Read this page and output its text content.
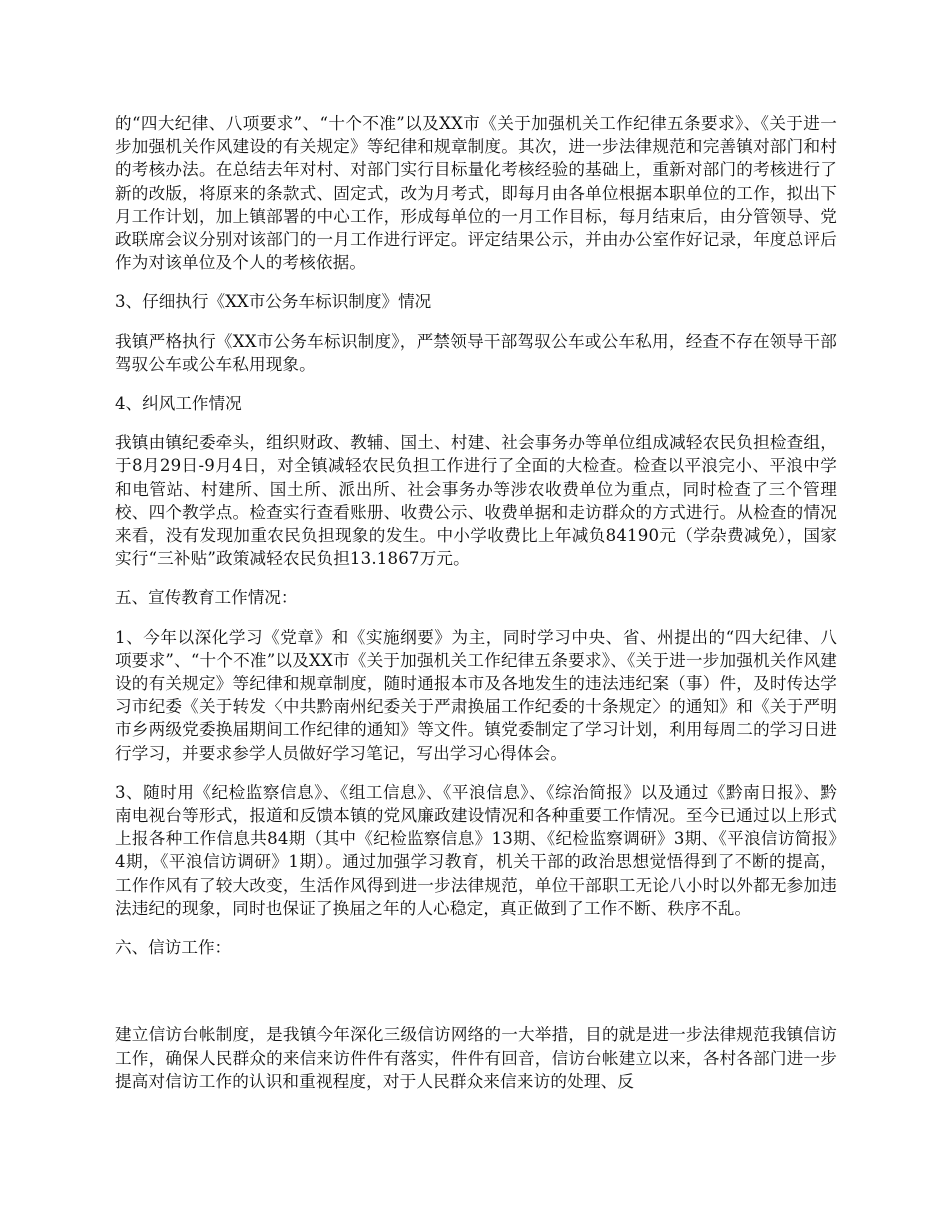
的“四大纪律、八项要求”、“十个不准”以及XX市《关于加强机关工作纪律五条要求》、《关于进一步加强机关作风建设的有关规定》等纪律和规章制度。其次，进一步法律规范和完善镇对部门和村的考核办法。在总结去年对村、对部门实行目标量化考核经验的基础上，重新对部门的考核进行了新的改版，将原来的条款式、固定式，改为月考式，即每月由各单位根据本职单位的工作，拟出下月工作计划，加上镇部署的中心工作，形成每单位的一月工作目标，每月结束后，由分管领导、党政联席会议分别对该部门的一月工作进行评定。评定结果公示，并由办公室作好记录，年度总评后作为对该单位及个人的考核依据。

3、仔细执行《XX市公务车标识制度》情况

我镇严格执行《XX市公务车标识制度》，严禁领导干部驾驭公车或公车私用，经查不存在领导干部驾驭公车或公车私用现象。

4、纠风工作情况

我镇由镇纪委牵头，组织财政、教辅、国土、村建、社会事务办等单位组成减轻农民负担检查组，于8月29日-9月4日，对全镇减轻农民负担工作进行了全面的大检查。检查以平浪完小、平浪中学和电管站、村建所、国土所、派出所、社会事务办等涉农收费单位为重点，同时检查了三个管理校、四个教学点。检查实行查看账册、收费公示、收费单据和走访群众的方式进行。从检查的情况来看，没有发现加重农民负担现象的发生。中小学收费比上年减负84190元（学杂费减免），国家实行“三补贴”政策减轻农民负担13.1867万元。

五、宣传教育工作情况：

1、今年以深化学习《党章》和《实施纲要》为主，同时学习中央、省、州提出的“四大纪律、八项要求”、“十个不准”以及XX市《关于加强机关工作纪律五条要求》、《关于进一步加强机关作风建设的有关规定》等纪律和规章制度，随时通报本市及各地发生的违法违纪案（事）件，及时传达学习市纪委《关于转发〈中共黔南州纪委关于严肃换届工作纪委的十条规定〉的通知》和《关于严明市乡两级党委换届期间工作纪律的通知》等文件。镇党委制定了学习计划，利用每周二的学习日进行学习，并要求参学人员做好学习笔记，写出学习心得体会。

3、随时用《纪检监察信息》、《组工信息》、《平浪信息》、《综治简报》以及通过《黔南日报》、黔南电视台等形式，报道和反馈本镇的党风廉政建设情况和各种重要工作情况。至今已通过以上形式上报各种工作信息共84期（其中《纪检监察信息》13期、《纪检监察调研》3期、《平浪信访简报》4期，《平浪信访调研》1期）。通过加强学习教育，机关干部的政治思想觉悟得到了不断的提高，工作作风有了较大改变，生活作风得到进一步法律规范，单位干部职工无论八小时以外都无参加违法违纪的现象，同时也保证了换届之年的人心稳定，真正做到了工作不断、秩序不乱。

六、信访工作：

建立信访台帐制度，是我镇今年深化三级信访网络的一大举措，目的就是进一步法律规范我镇信访工作，确保人民群众的来信来访件件有落实，件件有回音，信访台帐建立以来，各村各部门进一步提高对信访工作的认识和重视程度，对于人民群众来信来访的处理、反
